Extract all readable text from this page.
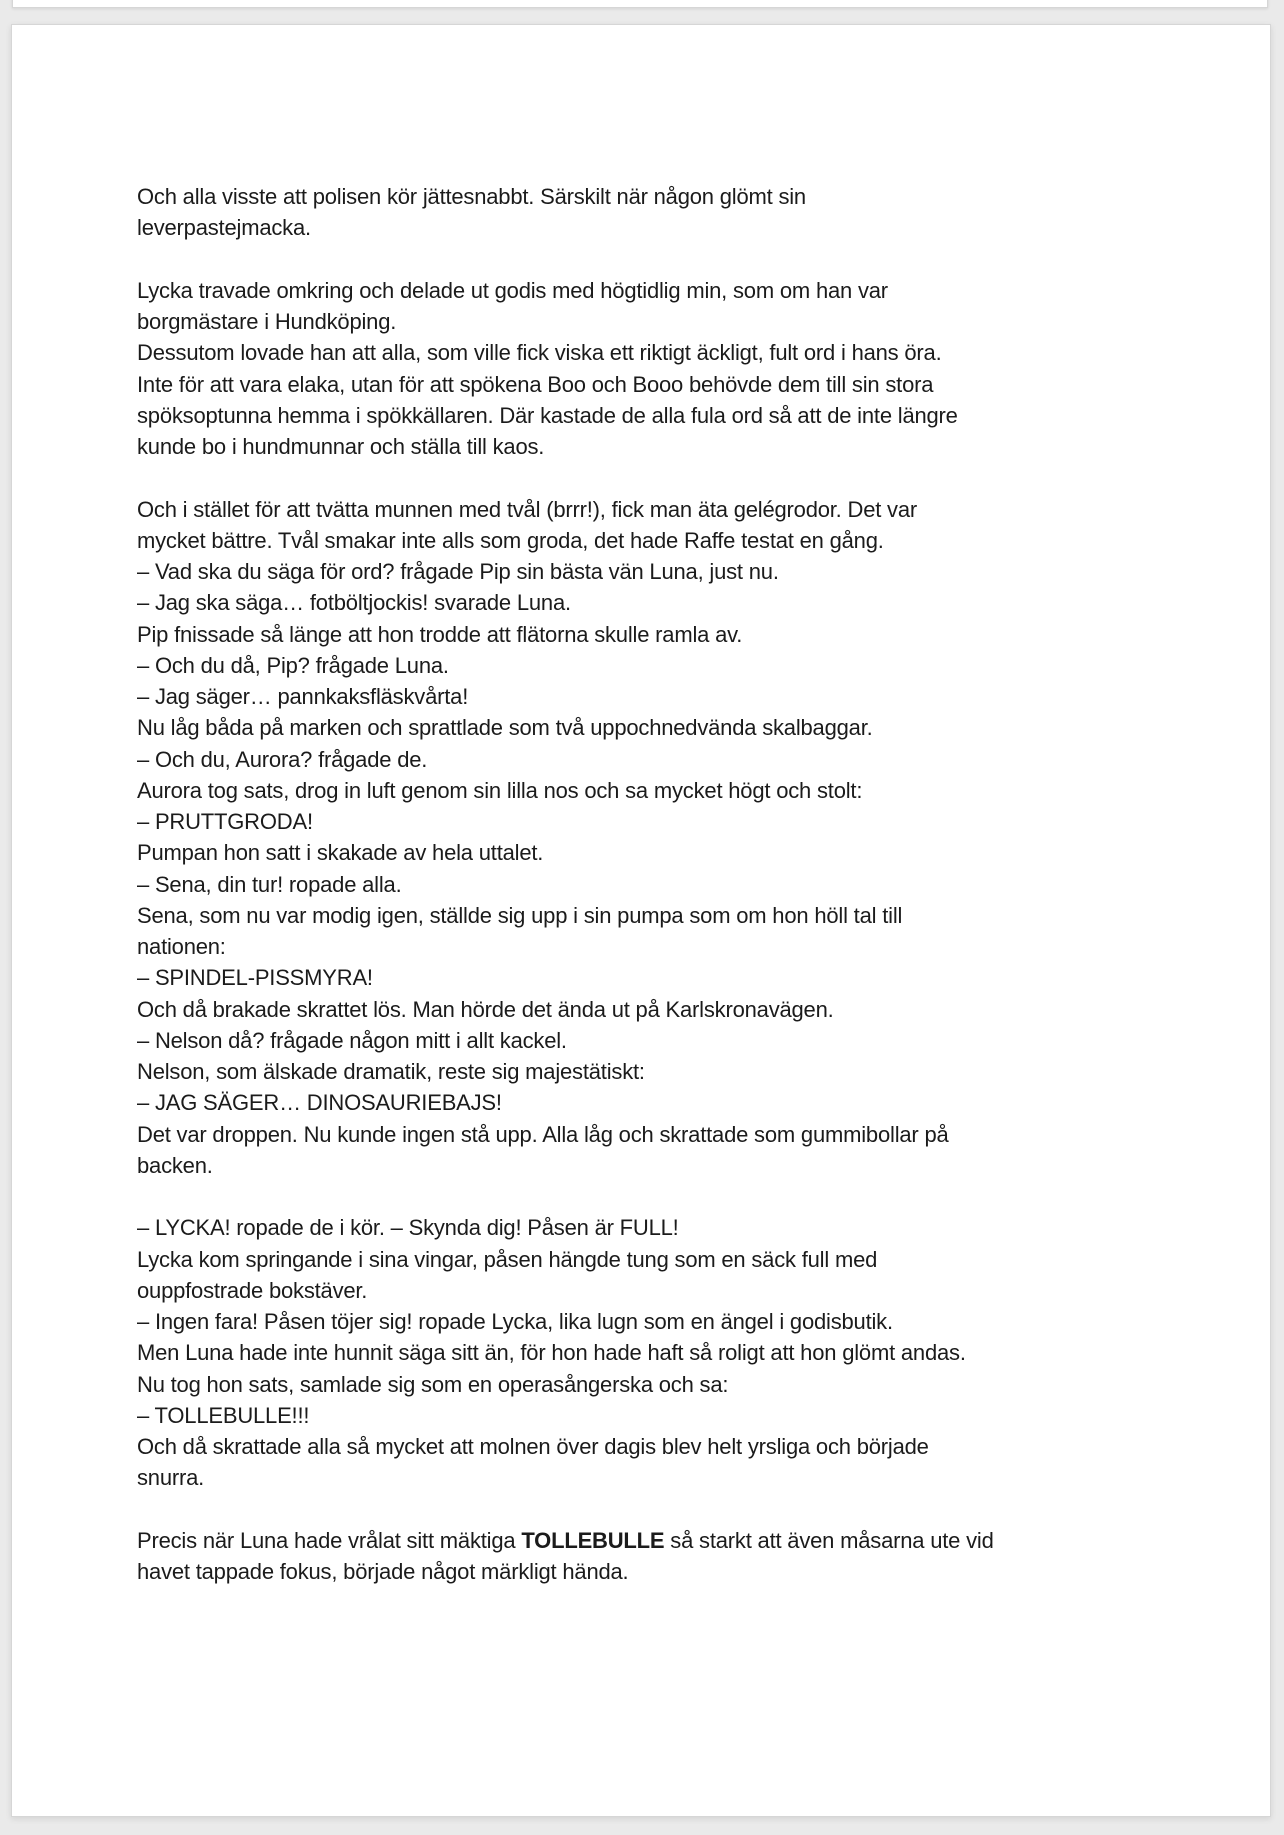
Och alla visste att polisen kör jättesnabbt. Särskilt när någon glömt sin
leverpastejmacka.
Lycka travade omkring och delade ut godis med högtidlig min, som om han var
borgmästare i Hundköping.
Dessutom lovade han att alla, som ville fick viska ett riktigt äckligt, fult ord i hans öra.
Inte för att vara elaka, utan för att spökena Boo och Booo behövde dem till sin stora
spöksoptunna hemma i spökkällaren. Där kastade de alla fula ord så att de inte längre
kunde bo i hundmunnar och ställa till kaos.
Och i stället för att tvätta munnen med tvål (brrr!), fick man äta gelégrodor. Det var
mycket bättre. Tvål smakar inte alls som groda, det hade Raffe testat en gång.
– Vad ska du säga för ord? frågade Pip sin bästa vän Luna, just nu.
– Jag ska säga… fotböltjockis! svarade Luna.
Pip fnissade så länge att hon trodde att flätorna skulle ramla av.
– Och du då, Pip? frågade Luna.
– Jag säger… pannkaksfläskvårta!
Nu låg båda på marken och sprattlade som två uppochnedvända skalbaggar.
– Och du, Aurora? frågade de.
Aurora tog sats, drog in luft genom sin lilla nos och sa mycket högt och stolt:
– PRUTTGRODA!
Pumpan hon satt i skakade av hela uttalet.
– Sena, din tur! ropade alla.
Sena, som nu var modig igen, ställde sig upp i sin pumpa som om hon höll tal till
nationen:
– SPINDEL-PISSMYRA!
Och då brakade skrattet lös. Man hörde det ända ut på Karlskronavägen.
– Nelson då? frågade någon mitt i allt kackel.
Nelson, som älskade dramatik, reste sig majestätiskt:
– JAG SÄGER… DINOSAURIEBAJS!
Det var droppen. Nu kunde ingen stå upp. Alla låg och skrattade som gummibollar på
backen.
– LYCKA! ropade de i kör. – Skynda dig! Påsen är FULL!
Lycka kom springande i sina vingar, påsen hängde tung som en säck full med
ouppfostrade bokstäver.
– Ingen fara! Påsen töjer sig! ropade Lycka, lika lugn som en ängel i godisbutik.
Men Luna hade inte hunnit säga sitt än, för hon hade haft så roligt att hon glömt andas.
Nu tog hon sats, samlade sig som en operasångerska och sa:
– TOLLEBULLE!!!
Och då skrattade alla så mycket att molnen över dagis blev helt yrsliga och började
snurra.
Precis när Luna hade vrålat sitt mäktiga TOLLEBULLE så starkt att även måsarna ute vid
havet tappade fokus, började något märkligt hända.
